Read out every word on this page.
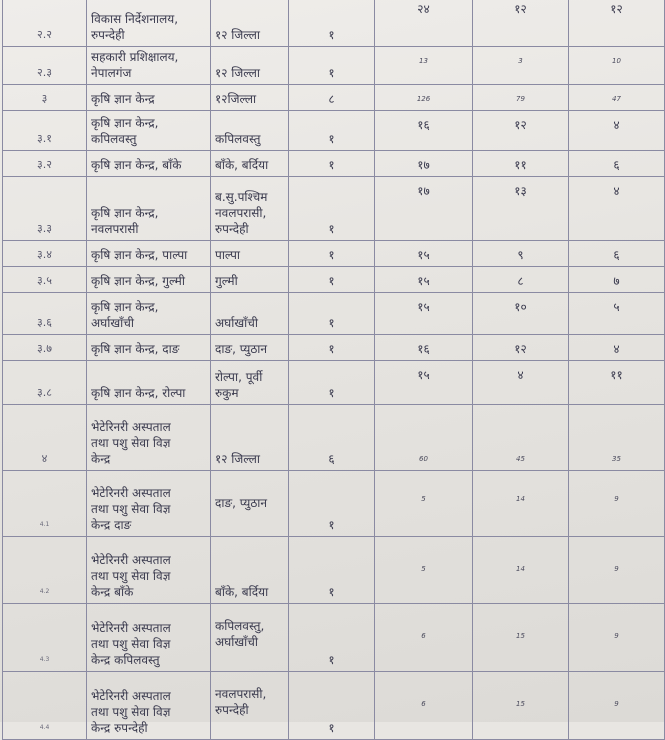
२.२	विकास निर्देशनालय,
रुपन्देही	१२ जिल्ला	१	२४	१२	१२
२.३	सहकारी प्रशिक्षालय,
नेपालगंज	१२ जिल्ला	१	13	3	10
३	कृषि ज्ञान केन्द्र	१२जिल्ला	८	126	79	47
३.१	कृषि ज्ञान केन्द्र,
कपिलवस्तु	कपिलवस्तु	१	१६	१२	४
३.२	कृषि ज्ञान केन्द्र, बाँके	बाँके, बर्दिया	१	१७	११	६
३.३	कृषि ज्ञान केन्द्र,
नवलपरासी	ब.सु.पश्चिम
नवलपरासी,
रुपन्देही	१	१७	१३	४
३.४	कृषि ज्ञान केन्द्र, पाल्पा	पाल्पा	१	१५	९	६
३.५	कृषि ज्ञान केन्द्र, गुल्मी	गुल्मी	१	१५	८	७
३.६	कृषि ज्ञान केन्द्र,
अर्घाखाँची	अर्घाखाँची	१	१५	१०	५
३.७	कृषि ज्ञान केन्द्र, दाङ	दाङ, प्युठान	१	१६	१२	४
३.८	कृषि ज्ञान केन्द्र, रोल्पा	रोल्पा, पूर्वी
रुकुम	१	१५	४	११
४	भेटेरिनरी अस्पताल
तथा पशु सेवा विज्ञ
केन्द्र	१२ जिल्ला	६	60	45	35
4.1	भेटेरिनरी अस्पताल
तथा पशु सेवा विज्ञ
केन्द्र दाङ	दाङ, प्युठान	१	5	14	9
4.2	भेटेरिनरी अस्पताल
तथा पशु सेवा विज्ञ
केन्द्र बाँके	बाँके, बर्दिया	१	5	14	9
4.3	भेटेरिनरी अस्पताल
तथा पशु सेवा विज्ञ
केन्द्र कपिलवस्तु	कपिलवस्तु,
अर्घाखाँची	१	6	15	9
4.4	भेटेरिनरी अस्पताल
तथा पशु सेवा विज्ञ
केन्द्र रुपन्देही	नवलपरासी,
रुपन्देही	१	6	15	9
